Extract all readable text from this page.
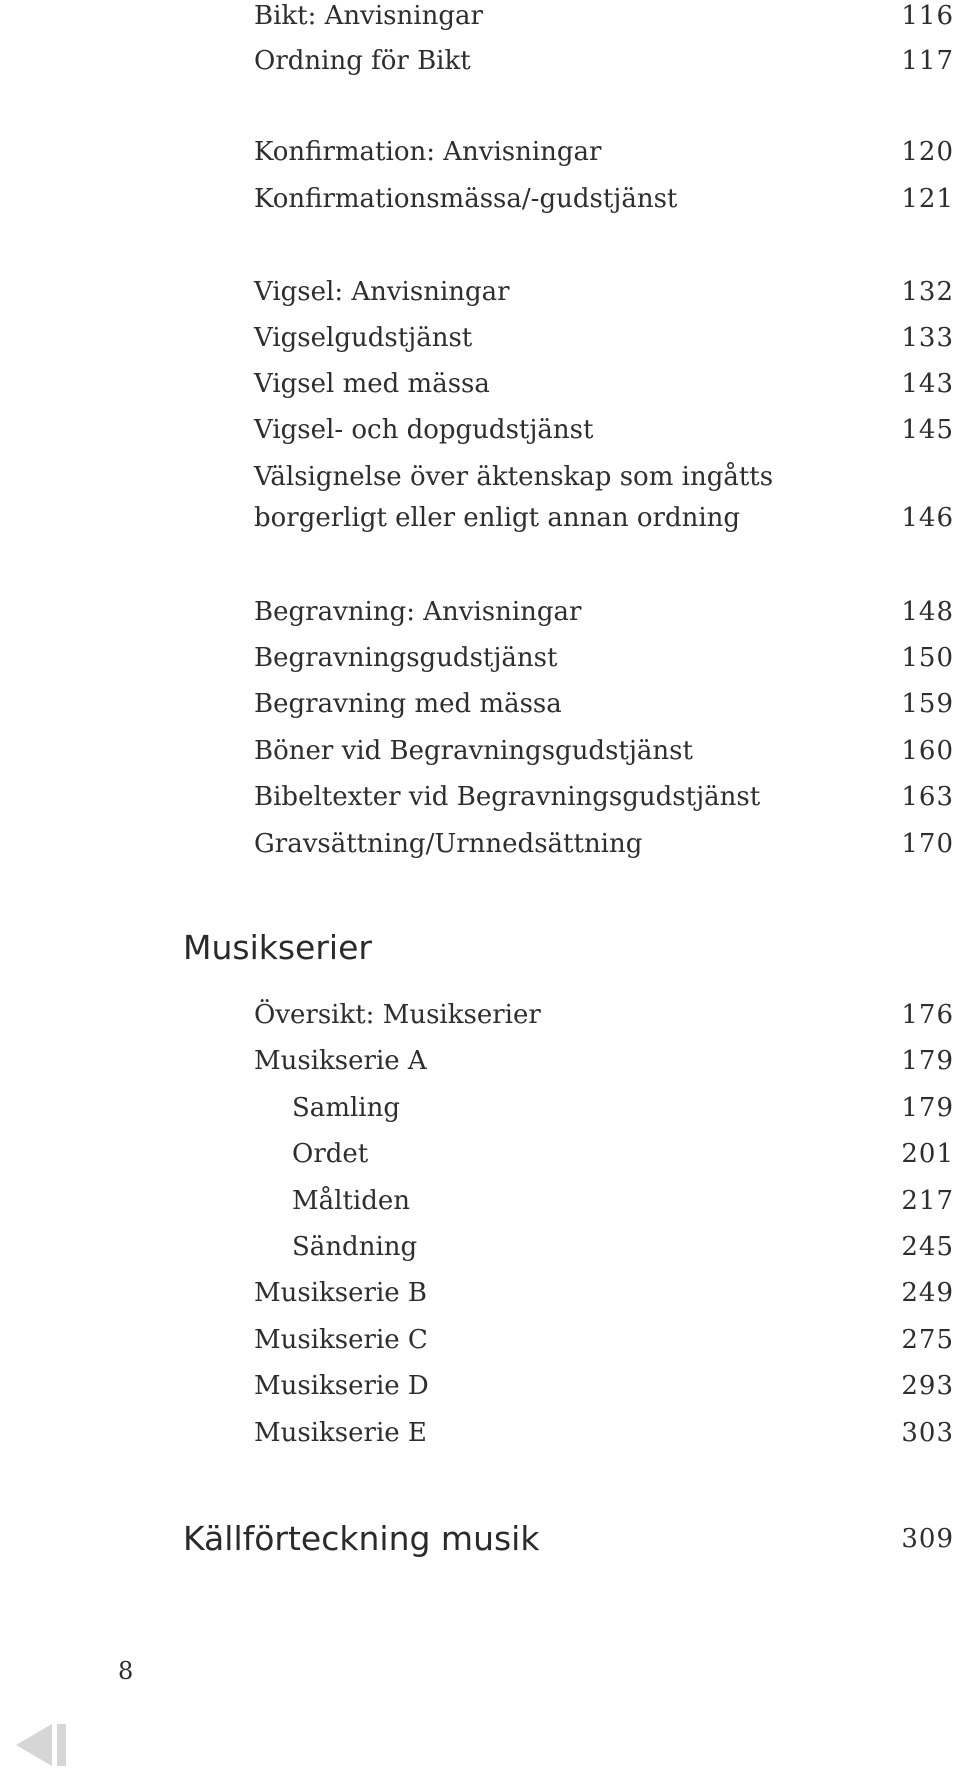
Bikt: Anvisningar	116
Ordning för Bikt	117
Konfirmation: Anvisningar	120
Konfirmationsmässa/-gudstjänst	121
Vigsel: Anvisningar	132
Vigselgudstjänst	133
Vigsel med mässa	143
Vigsel- och dopgudstjänst	145
Välsignelse över äktenskap som ingåtts
borgerligt eller enligt annan ordning	146
Begravning: Anvisningar	148
Begravningsgudstjänst	150
Begravning med mässa	159
Böner vid Begravningsgudstjänst	160
Bibeltexter vid Begravningsgudstjänst	163
Gravsättning/Urnnedsättning	170
Musikserier
Översikt: Musikserier	176
Musikserie A	179
Samling	179
Ordet	201
Måltiden	217
Sändning	245
Musikserie B	249
Musikserie C	275
Musikserie D	293
Musikserie E	303
Källförteckning musik	309
8
